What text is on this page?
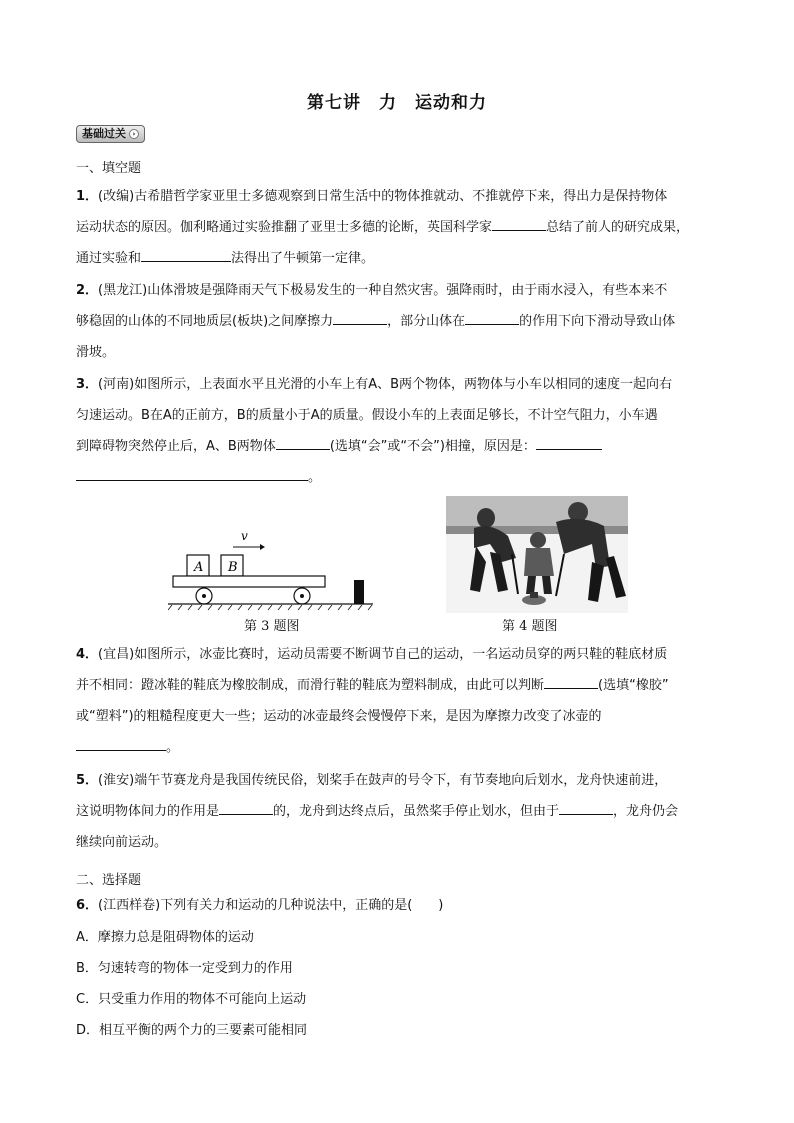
第七讲　力　运动和力
基础过关 ›
一、填空题
1．(改编)古希腊哲学家亚里士多德观察到日常生活中的物体推就动、不推就停下来，得出力是保持物体
运动状态的原因。伽利略通过实验推翻了亚里士多德的论断，英国科学家	总结了前人的研究成果，
通过实验和	法得出了牛顿第一定律。
2．(黑龙江)山体滑坡是强降雨天气下极易发生的一种自然灾害。强降雨时，由于雨水浸入，有些本来不
够稳固的山体的不同地质层(板块)之间摩擦力	，部分山体在	的作用下向下滑动导致山体
滑坡。
3．(河南)如图所示，上表面水平且光滑的小车上有A、B两个物体，两物体与小车以相同的速度一起向右
匀速运动。B在A的正前方，B的质量小于A的质量。假设小车的上表面足够长，不计空气阻力，小车遇
到障碍物突然停止后，A、B两物体	(选填“会”或“不会”)相撞，原因是：
。
v
A B
第 3 题图	第 4 题图
4．(宜昌)如图所示，冰壶比赛时，运动员需要不断调节自己的运动，一名运动员穿的两只鞋的鞋底材质
并不相同：蹬冰鞋的鞋底为橡胶制成，而滑行鞋的鞋底为塑料制成，由此可以判断	(选填“橡胶”
或“塑料”)的粗糙程度更大一些；运动的冰壶最终会慢慢停下来，是因为摩擦力改变了冰壶的
。
5．(淮安)端午节赛龙舟是我国传统民俗，划桨手在鼓声的号令下，有节奏地向后划水，龙舟快速前进，
这说明物体间力的作用是	的，龙舟到达终点后，虽然桨手停止划水，但由于	，龙舟仍会
继续向前运动。
二、选择题
6．(江西样卷)下列有关力和运动的几种说法中，正确的是(　　)
A．摩擦力总是阻碍物体的运动
B．匀速转弯的物体一定受到力的作用
C．只受重力作用的物体不可能向上运动
D．相互平衡的两个力的三要素可能相同
